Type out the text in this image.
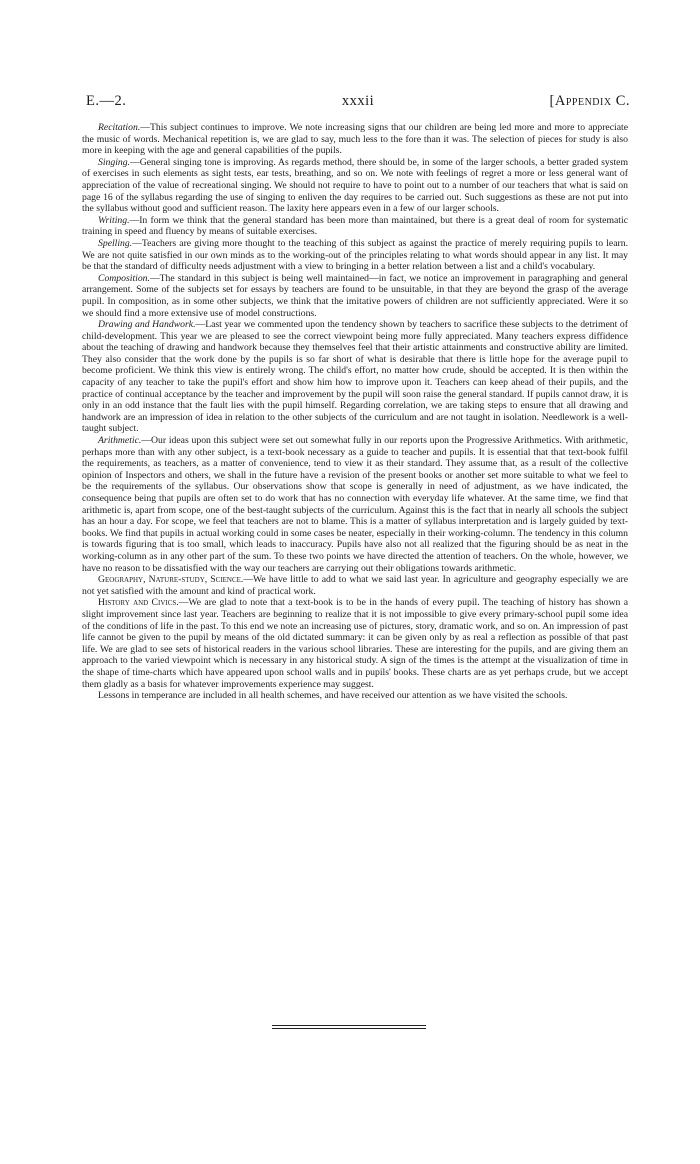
E.—2.	xxxii	[Appendix C.

Recitation.—This subject continues to improve. We note increasing signs that our children are being led more and more to appreciate the music of words. Mechanical repetition is, we are glad to say, much less to the fore than it was. The selection of pieces for study is also more in keeping with the age and general capabilities of the pupils.

Singing.—General singing tone is improving. As regards method, there should be, in some of the larger schools, a better graded system of exercises in such elements as sight tests, ear tests, breathing, and so on. We note with feelings of regret a more or less general want of appreciation of the value of recreational singing. We should not require to have to point out to a number of our teachers that what is said on page 16 of the syllabus regarding the use of singing to enliven the day requires to be carried out. Such suggestions as these are not put into the syllabus without good and sufficient reason. The laxity here appears even in a few of our larger schools.

Writing.—In form we think that the general standard has been more than maintained, but there is a great deal of room for systematic training in speed and fluency by means of suitable exercises.

Spelling.—Teachers are giving more thought to the teaching of this subject as against the practice of merely requiring pupils to learn. We are not quite satisfied in our own minds as to the working-out of the principles relating to what words should appear in any list. It may be that the standard of difficulty needs adjustment with a view to bringing in a better relation between a list and a child's vocabulary.

Composition.—The standard in this subject is being well maintained—in fact, we notice an improvement in paragraphing and general arrangement. Some of the subjects set for essays by teachers are found to be unsuitable, in that they are beyond the grasp of the average pupil. In composition, as in some other subjects, we think that the imitative powers of children are not sufficiently appreciated. Were it so we should find a more extensive use of model constructions.

Drawing and Handwork.—Last year we commented upon the tendency shown by teachers to sacrifice these subjects to the detriment of child-development. This year we are pleased to see the correct viewpoint being more fully appreciated. Many teachers express diffidence about the teaching of drawing and handwork because they themselves feel that their artistic attainments and constructive ability are limited. They also consider that the work done by the pupils is so far short of what is desirable that there is little hope for the average pupil to become proficient. We think this view is entirely wrong. The child's effort, no matter how crude, should be accepted. It is then within the capacity of any teacher to take the pupil's effort and show him how to improve upon it. Teachers can keep ahead of their pupils, and the practice of continual acceptance by the teacher and improvement by the pupil will soon raise the general standard. If pupils cannot draw, it is only in an odd instance that the fault lies with the pupil himself. Regarding correlation, we are taking steps to ensure that all drawing and handwork are an impression of idea in relation to the other subjects of the curriculum and are not taught in isolation. Needlework is a well-taught subject.

Arithmetic.—Our ideas upon this subject were set out somewhat fully in our reports upon the Progressive Arithmetics. With arithmetic, perhaps more than with any other subject, is a text-book necessary as a guide to teacher and pupils. It is essential that that text-book fulfil the requirements, as teachers, as a matter of convenience, tend to view it as their standard. They assume that, as a result of the collective opinion of Inspectors and others, we shall in the future have a revision of the present books or another set more suitable to what we feel to be the requirements of the syllabus. Our observations show that scope is generally in need of adjustment, as we have indicated, the consequence being that pupils are often set to do work that has no connection with everyday life whatever. At the same time, we find that arithmetic is, apart from scope, one of the best-taught subjects of the curriculum. Against this is the fact that in nearly all schools the subject has an hour a day. For scope, we feel that teachers are not to blame. This is a matter of syllabus interpretation and is largely guided by text-books. We find that pupils in actual working could in some cases be neater, especially in their working-column. The tendency in this column is towards figuring that is too small, which leads to inaccuracy. Pupils have also not all realized that the figuring should be as neat in the working-column as in any other part of the sum. To these two points we have directed the attention of teachers. On the whole, however, we have no reason to be dissatisfied with the way our teachers are carrying out their obligations towards arithmetic.

Geography, Nature-study, Science.—We have little to add to what we said last year. In agriculture and geography especially we are not yet satisfied with the amount and kind of practical work.

History and Civics.—We are glad to note that a text-book is to be in the hands of every pupil. The teaching of history has shown a slight improvement since last year. Teachers are beginning to realize that it is not impossible to give every primary-school pupil some idea of the conditions of life in the past. To this end we note an increasing use of pictures, story, dramatic work, and so on. An impression of past life cannot be given to the pupil by means of the old dictated summary: it can be given only by as real a reflection as possible of that past life. We are glad to see sets of historical readers in the various school libraries. These are interesting for the pupils, and are giving them an approach to the varied viewpoint which is necessary in any historical study. A sign of the times is the attempt at the visualization of time in the shape of time-charts which have appeared upon school walls and in pupils' books. These charts are as yet perhaps crude, but we accept them gladly as a basis for whatever improvements experience may suggest.

Lessons in temperance are included in all health schemes, and have received our attention as we have visited the schools.
